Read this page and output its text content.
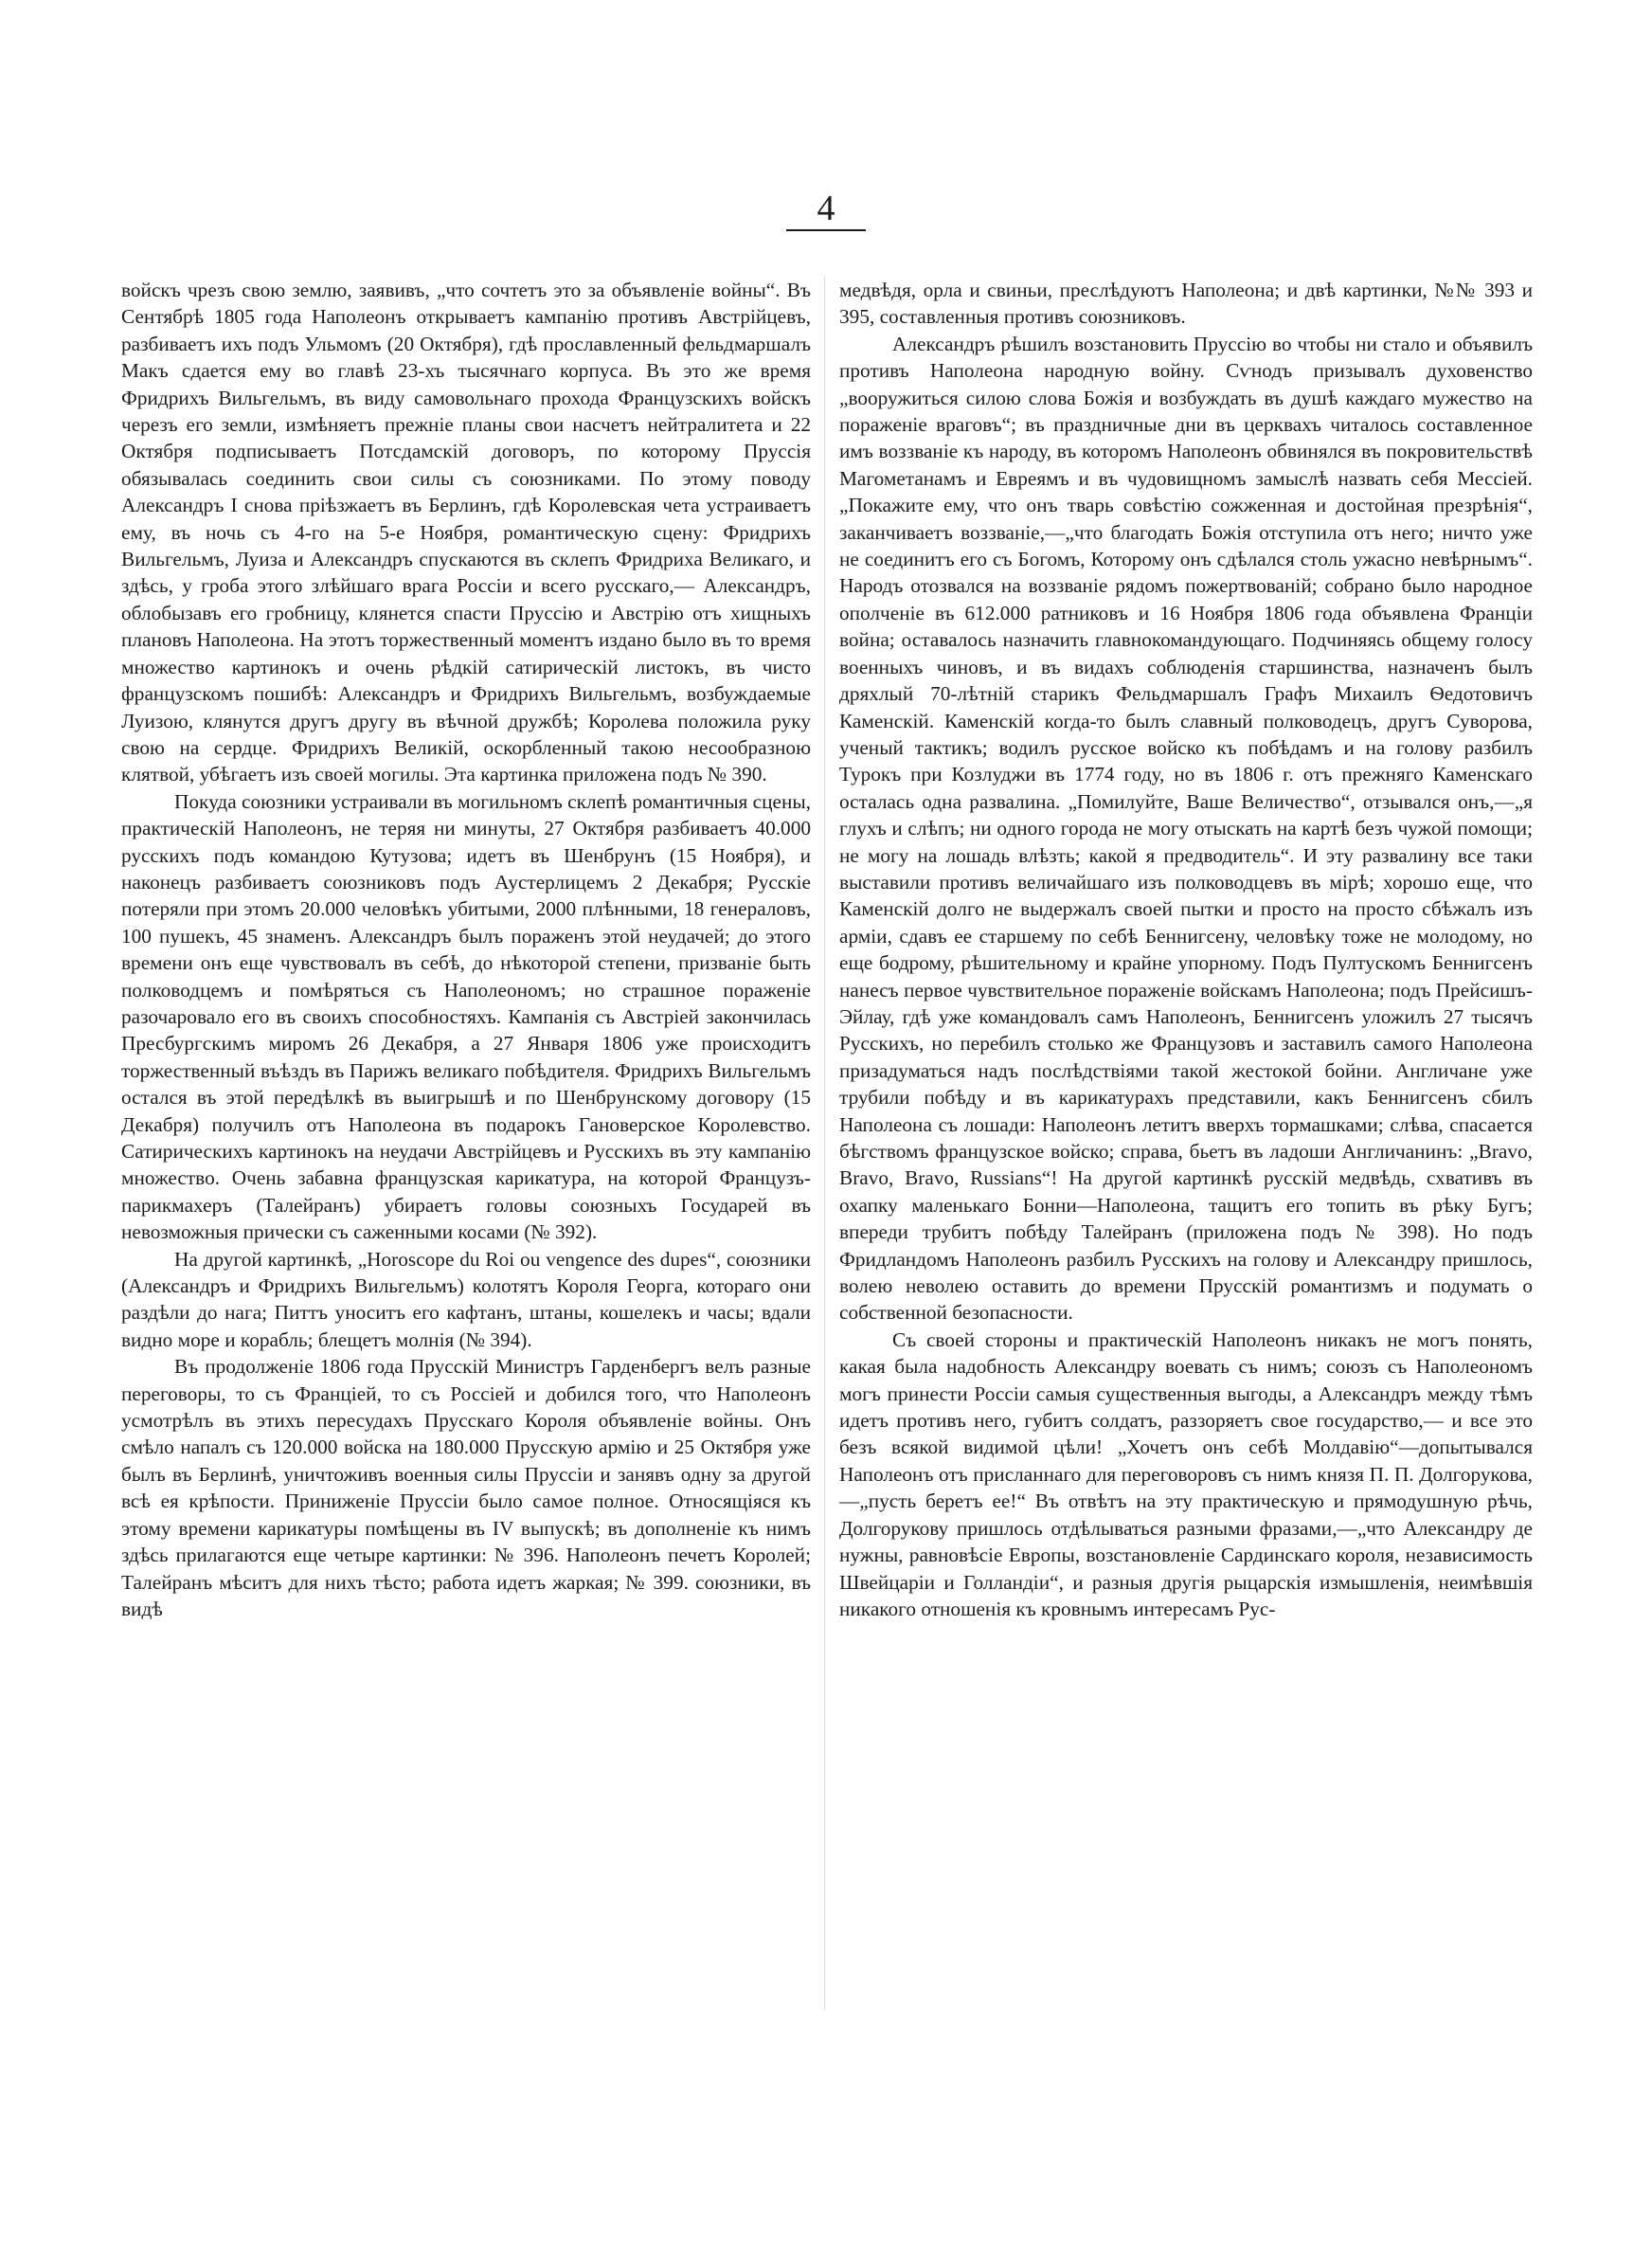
4

войскъ чрезъ свою землю, заявивъ, „что сочтетъ это за объявленіе войны“. Въ Сентябрѣ 1805 года Наполеонъ открываетъ кампанію противъ Австрійцевъ, разбиваетъ ихъ подъ Ульмомъ (20 Октября), гдѣ прославленный фельдмаршалъ Макъ сдается ему во главѣ 23-хъ тысячнаго корпуса. Въ это же время Фридрихъ Вильгельмъ, въ виду самовольнаго прохода Французскихъ войскъ черезъ его земли, измѣняетъ прежніе планы свои насчетъ нейтралитета и 22 Октября подписываетъ Потсдамскій договоръ, по которому Пруссія обязывалась соединить свои силы съ союзниками. По этому поводу Александръ I снова пріѣзжаетъ въ Берлинъ, гдѣ Королевская чета устраиваетъ ему, въ ночь съ 4-го на 5-е Ноября, романтическую сцену: Фридрихъ Вильгельмъ, Луиза и Александръ спускаются въ склепъ Фридриха Великаго, и здѣсь, у гроба этого злѣйшаго врага Россіи и всего русскаго,— Александръ, облобызавъ его гробницу, клянется спасти Пруссію и Австрію отъ хищныхъ плановъ Наполеона. На этотъ торжественный моментъ издано было въ то время множество картинокъ и очень рѣдкій сатирическій листокъ, въ чисто французскомъ пошибѣ: Александръ и Фридрихъ Вильгельмъ, возбуждаемые Луизою, клянутся другъ другу въ вѣчной дружбѣ; Королева положила руку свою на сердце. Фридрихъ Великій, оскорбленный такою несообразною клятвой, убѣгаетъ изъ своей могилы. Эта картинка приложена подъ № 390.

Покуда союзники устраивали въ могильномъ склепѣ романтичныя сцены, практическій Наполеонъ, не теряя ни минуты, 27 Октября разбиваетъ 40.000 русскихъ подъ командою Кутузова; идетъ въ Шенбрунъ (15 Ноября), и наконецъ разбиваетъ союзниковъ подъ Аустерлицемъ 2 Декабря; Русскіе потеряли при этомъ 20.000 человѣкъ убитыми, 2000 плѣнными, 18 генераловъ, 100 пушекъ, 45 знаменъ. Александръ былъ пораженъ этой неудачей; до этого времени онъ еще чувствовалъ въ себѣ, до нѣкоторой степени, призваніе быть полководцемъ и помѣряться съ Наполеономъ; но страшное пораженіе разочаровало его въ своихъ способностяхъ. Кампанія съ Австріей закончилась Пресбургскимъ миромъ 26 Декабря, а 27 Января 1806 уже происходитъ торжественный въѣздъ въ Парижъ великаго побѣдителя. Фридрихъ Вильгельмъ остался въ этой передѣлкѣ въ выигрышѣ и по Шенбрунскому договору (15 Декабря) получилъ отъ Наполеона въ подарокъ Гановерское Королевство. Сатирическихъ картинокъ на неудачи Австрійцевъ и Русскихъ въ эту кампанію множество. Очень забавна французская карикатура, на которой Французъ-парикмахеръ (Талейранъ) убираетъ головы союзныхъ Государей въ невозможныя прически съ саженными косами (№ 392).

На другой картинкѣ, „Horoscope du Roi ou vengence des dupes“, союзники (Александръ и Фридрихъ Вильгельмъ) колотятъ Короля Георга, котораго они раздѣли до нага; Питтъ уноситъ его кафтанъ, штаны, кошелекъ и часы; вдали видно море и корабль; блещетъ молнія (№ 394).

Въ продолженіе 1806 года Прусскій Министръ Гарденбергъ велъ разные переговоры, то съ Франціей, то съ Россіей и добился того, что Наполеонъ усмотрѣлъ въ этихъ пересудахъ Прусскаго Короля объявленіе войны. Онъ смѣло напалъ съ 120.000 войска на 180.000 Прусскую армію и 25 Октября уже былъ въ Берлинѣ, уничтоживъ военныя силы Пруссіи и занявъ одну за другой всѣ ея крѣпости. Приниженіе Пруссіи было самое полное. Относящіяся къ этому времени карикатуры помѣщены въ IV выпускѣ; въ дополненіе къ нимъ здѣсь прилагаются еще четыре картинки: № 396. Наполеонъ печетъ Королей; Талейранъ мѣситъ для нихъ тѣсто; работа идетъ жаркая; № 399. союзники, въ видѣ

медвѣдя, орла и свиньи, преслѣдуютъ Наполеона; и двѣ картинки, №№ 393 и 395, составленныя противъ союзниковъ.

Александръ рѣшилъ возстановить Пруссію во чтобы ни стало и объявилъ противъ Наполеона народную войну. Сѵнодъ призывалъ духовенство „вооружиться силою слова Божія и возбуждать въ душѣ каждаго мужество на пораженіе враговъ“; въ праздничные дни въ церквахъ читалось составленное имъ воззваніе къ народу, въ которомъ Наполеонъ обвинялся въ покровительствѣ Магометанамъ и Евреямъ и въ чудовищномъ замыслѣ назвать себя Мессіей. „Покажите ему, что онъ тварь совѣстію сожженная и достойная презрѣнія“, заканчиваетъ воззваніе,—„что благодать Божія отступила отъ него; ничто уже не соединитъ его съ Богомъ, Которому онъ сдѣлался столь ужасно невѣрнымъ“. Народъ отозвался на воззваніе рядомъ пожертвованій; собрано было народное ополченіе въ 612.000 ратниковъ и 16 Ноября 1806 года объявлена Франціи война; оставалось назначить главнокомандующаго. Подчиняясь общему голосу военныхъ чиновъ, и въ видахъ соблюденія старшинства, назначенъ былъ дряхлый 70-лѣтній старикъ Фельдмаршалъ Графъ Михаилъ Ѳедотовичъ Каменскій. Каменскій когда-то былъ славный полководецъ, другъ Суворова, ученый тактикъ; водилъ русское войско къ побѣдамъ и на голову разбилъ Турокъ при Козлуджи въ 1774 году, но въ 1806 г. отъ прежняго Каменскаго осталась одна развалина. „Помилуйте, Ваше Величество“, отзывался онъ,—„я глухъ и слѣпъ; ни одного города не могу отыскать на картѣ безъ чужой помощи; не могу на лошадь влѣзть; какой я предводитель“. И эту развалину все таки выставили противъ величайшаго изъ полководцевъ въ мірѣ; хорошо еще, что Каменскій долго не выдержалъ своей пытки и просто на просто сбѣжалъ изъ арміи, сдавъ ее старшему по себѣ Беннигсену, человѣку тоже не молодому, но еще бодрому, рѣшительному и крайне упорному. Подъ Пултускомъ Беннигсенъ нанесъ первое чувствительное пораженіе войскамъ Наполеона; подъ Прейсишъ-Эйлау, гдѣ уже командовалъ самъ Наполеонъ, Беннигсенъ уложилъ 27 тысячъ Русскихъ, но перебилъ столько же Французовъ и заставилъ самого Наполеона призадуматься надъ послѣдствіями такой жестокой бойни. Англичане уже трубили побѣду и въ карикатурахъ представили, какъ Беннигсенъ сбилъ Наполеона съ лошади: Наполеонъ летитъ вверхъ тормашками; слѣва, спасается бѣгствомъ французское войско; справа, бьетъ въ ладоши Англичанинъ: „Bravo, Bravo, Bravo, Russians“! На другой картинкѣ русскій медвѣдь, схвативъ въ охапку маленькаго Бонни—Наполеона, тащитъ его топить въ рѣку Бугъ; впереди трубитъ побѣду Талейранъ (приложена подъ № 398). Но подъ Фридландомъ Наполеонъ разбилъ Русскихъ на голову и Александру пришлось, волею неволею оставить до времени Прусскій романтизмъ и подумать о собственной безопасности.

Съ своей стороны и практическій Наполеонъ никакъ не могъ понять, какая была надобность Александру воевать съ нимъ; союзъ съ Наполеономъ могъ принести Россіи самыя существенныя выгоды, а Александръ между тѣмъ идетъ противъ него, губитъ солдатъ, раззоряетъ свое государство,— и все это безъ всякой видимой цѣли! „Хочетъ онъ себѣ Молдавію“—допытывался Наполеонъ отъ присланнаго для переговоровъ съ нимъ князя П. П. Долгорукова,—„пусть беретъ ее!“ Въ отвѣтъ на эту практическую и прямодушную рѣчь, Долгорукову пришлось отдѣлываться разными фразами,—„что Александру де нужны, равновѣсіе Европы, возстановленіе Сардинскаго короля, независимость Швейцаріи и Голландіи“, и разныя другія рыцарскія измышленія, неимѣвшія никакого отношенія къ кровнымъ интересамъ Рус-
